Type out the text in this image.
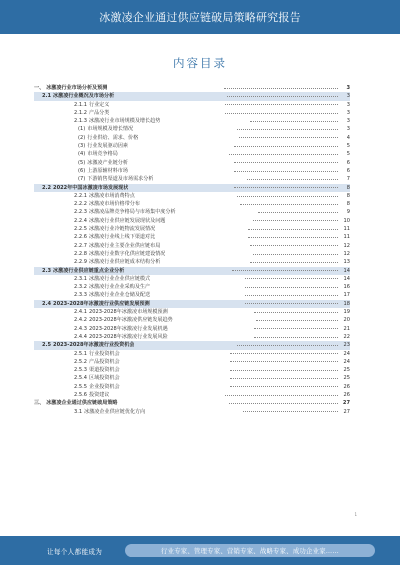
冰激凌企业通过供应链破局策略研究报告
内容目录
一、 冰激凌行业市场分析及预测	3
2.1 冰激凌行业概况及市场分析	3
2.1.1 行业定义	3
2.1.2 产品分类	3
2.1.3 冰激凌行业市场规模及增长趋势	3
(1) 市场规模及增长情况	3
(2) 行业供给、需求、价格	4
(3) 行业发展驱动因素	5
(4) 市场竞争格局	5
(5) 冰激凌产业链分析	6
(6) 上游原辅材料市场	6
(7) 下游销售渠道及市场需求分析	7
2.2 2022年中国冰激凌市场发展现状	8
2.2.1 冰激凌市场消费特点	8
2.2.2 冰激凌市场价格带分布	8
2.2.3 冰激凌品牌竞争格局与市场集中度分析	9
2.2.4 冰激凌行业供应链发展现状及问题	10
2.2.5 冰激凌行业冷链物流发展情况	11
2.2.6 冰激凌行业线上线下渠道对比	11
2.2.7 冰激凌行业主要企业供应链布局	12
2.2.8 冰激凌行业数字化供应链建设情况	12
2.2.9 冰激凌行业供应链成本结构分析	13
2.3 冰激凌行业供应链重点企业分析	14
2.3.1 冰激凌行业企业供应链模式	14
2.3.2 冰激凌行业企业采购及生产	16
2.3.3 冰激凌行业企业仓储及配送	17
2.4 2023-2028年冰激凌行业供应链发展预测	18
2.4.1 2023-2028年冰激凌市场规模预测	19
2.4.2 2023-2028年冰激凌供应链发展趋势	20
2.4.3 2023-2028年冰激凌行业发展机遇	21
2.4.4 2023-2028年冰激凌行业发展风险	22
2.5 2023-2028年冰激凌行业投资机会	23
2.5.1 行业投资机会	24
2.5.2 产品投资机会	24
2.5.3 渠道投资机会	25
2.5.4 区域投资机会	25
2.5.5 企业投资机会	26
2.5.6 投资建议	26
三、 冰激凌企业通过供应链破局策略	27
3.1 冰激凌企业供应链优化方向	27
1
让每个人都能成为	行业专家、管理专家、营销专家、战略专家、成功企业家……
